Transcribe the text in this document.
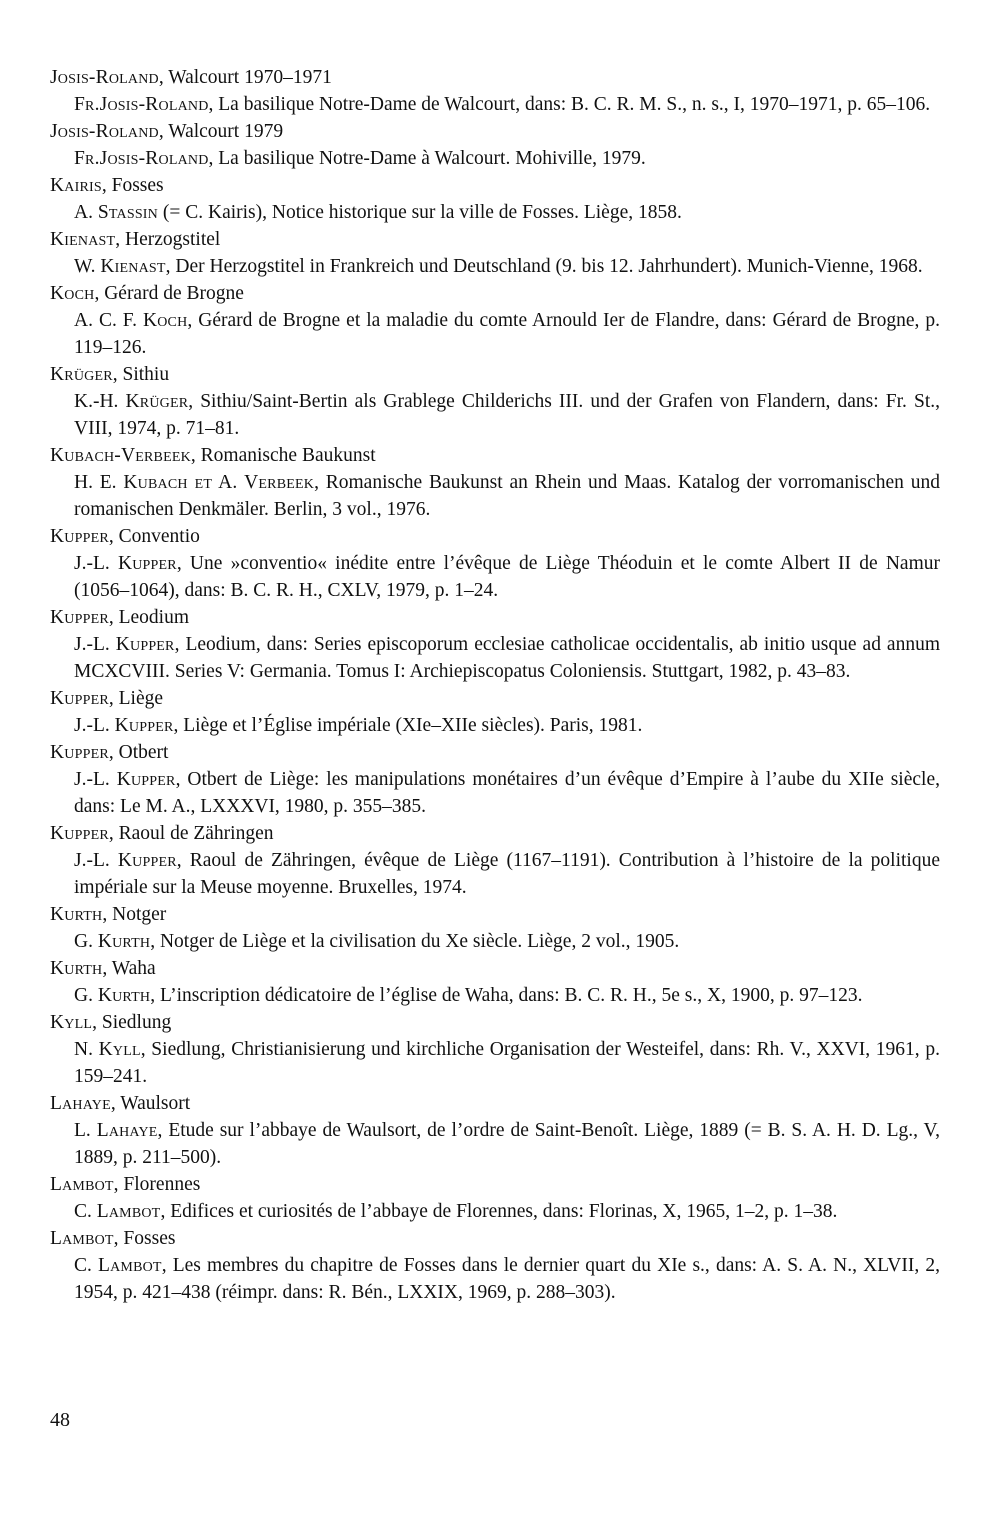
Josis-Roland, Walcourt 1970–1971

Fr.Josis-Roland, La basilique Notre-Dame de Walcourt, dans: B. C. R. M. S., n. s., I, 1970–1971, p. 65–106.

Josis-Roland, Walcourt 1979

Fr.Josis-Roland, La basilique Notre-Dame à Walcourt. Mohiville, 1979.

Kairis, Fosses

A. Stassin (= C. Kairis), Notice historique sur la ville de Fosses. Liège, 1858.

Kienast, Herzogstitel

W. Kienast, Der Herzogstitel in Frankreich und Deutschland (9. bis 12. Jahrhundert). Munich-Vienne, 1968.

Koch, Gérard de Brogne

A. C. F. Koch, Gérard de Brogne et la maladie du comte Arnould Ier de Flandre, dans: Gérard de Brogne, p. 119–126.

Krüger, Sithiu

K.-H. Krüger, Sithiu/Saint-Bertin als Grablege Childerichs III. und der Grafen von Flandern, dans: Fr. St., VIII, 1974, p. 71–81.

Kubach-Verbeek, Romanische Baukunst

H. E. Kubach et A. Verbeek, Romanische Baukunst an Rhein und Maas. Katalog der vorromanischen und romanischen Denkmäler. Berlin, 3 vol., 1976.

Kupper, Conventio

J.-L. Kupper, Une »conventio« inédite entre l’évêque de Liège Théoduin et le comte Albert II de Namur (1056–1064), dans: B. C. R. H., CXLV, 1979, p. 1–24.

Kupper, Leodium

J.-L. Kupper, Leodium, dans: Series episcoporum ecclesiae catholicae occidentalis, ab initio usque ad annum MCXCVIII. Series V: Germania. Tomus I: Archiepiscopatus Coloniensis. Stuttgart, 1982, p. 43–83.

Kupper, Liège

J.-L. Kupper, Liège et l’Église impériale (XIe–XIIe siècles). Paris, 1981.

Kupper, Otbert

J.-L. Kupper, Otbert de Liège: les manipulations monétaires d’un évêque d’Empire à l’aube du XIIe siècle, dans: Le M. A., LXXXVI, 1980, p. 355–385.

Kupper, Raoul de Zähringen

J.-L. Kupper, Raoul de Zähringen, évêque de Liège (1167–1191). Contribution à l’histoire de la politique impériale sur la Meuse moyenne. Bruxelles, 1974.

Kurth, Notger

G. Kurth, Notger de Liège et la civilisation du Xe siècle. Liège, 2 vol., 1905.

Kurth, Waha

G. Kurth, L’inscription dédicatoire de l’église de Waha, dans: B. C. R. H., 5e s., X, 1900, p. 97–123.

Kyll, Siedlung

N. Kyll, Siedlung, Christianisierung und kirchliche Organisation der Westeifel, dans: Rh. V., XXVI, 1961, p. 159–241.

Lahaye, Waulsort

L. Lahaye, Etude sur l’abbaye de Waulsort, de l’ordre de Saint-Benoît. Liège, 1889 (= B. S. A. H. D. Lg., V, 1889, p. 211–500).

Lambot, Florennes

C. Lambot, Edifices et curiosités de l’abbaye de Florennes, dans: Florinas, X, 1965, 1–2, p. 1–38.

Lambot, Fosses

C. Lambot, Les membres du chapitre de Fosses dans le dernier quart du XIe s., dans: A. S. A. N., XLVII, 2, 1954, p. 421–438 (réimpr. dans: R. Bén., LXXIX, 1969, p. 288–303).

48
